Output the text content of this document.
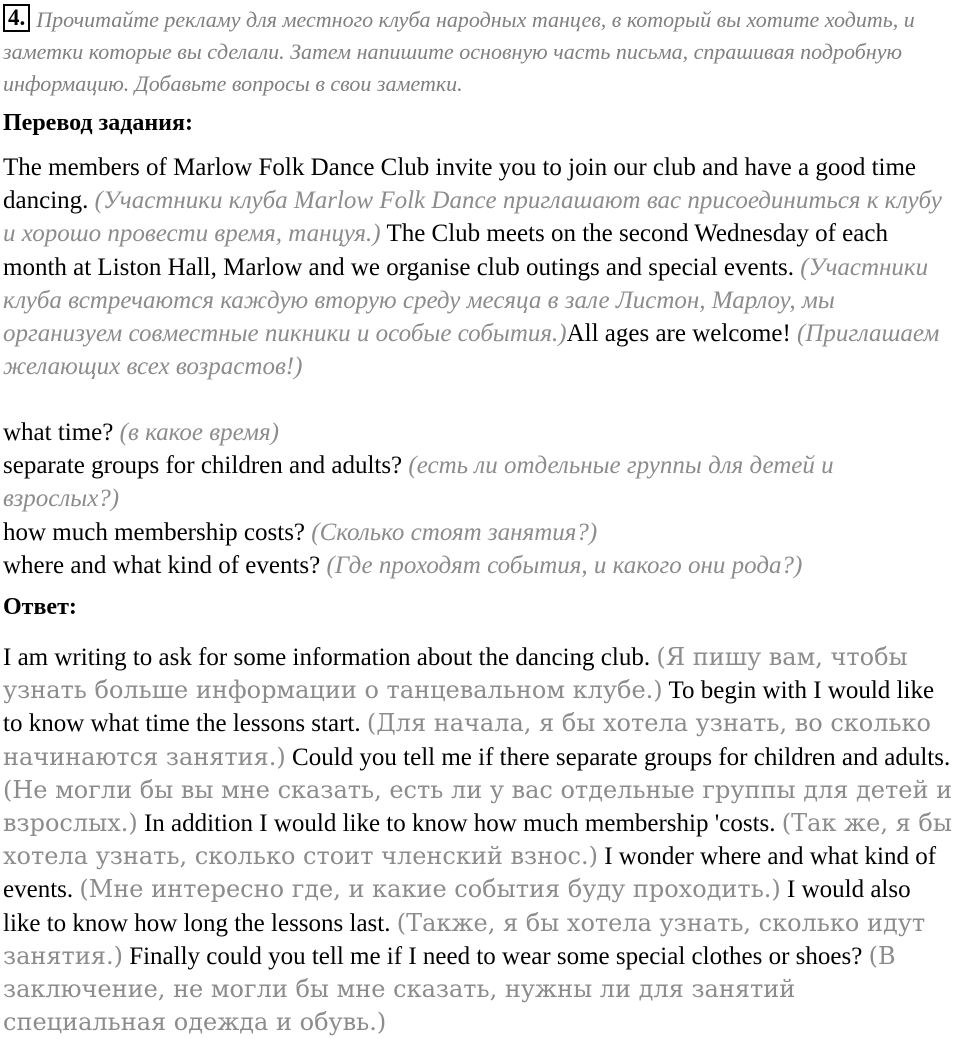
4. Прочитайте рекламу для местного клуба народных танцев, в который вы хотите ходить, и заметки которые вы сделали. Затем напишите основную часть письма, спрашивая подробную информацию. Добавьте вопросы в свои заметки.

Перевод задания:

The members of Marlow Folk Dance Club invite you to join our club and have a good time dancing. (Участники клуба Marlow Folk Dance приглашают вас присоединиться к клубу и хорошо провести время, танцуя.) The Club meets on the second Wednesday of each month at Liston Hall, Marlow and we organise club outings and special events. (Участники клуба встречаются каждую вторую среду месяца в зале Листон, Марлоу, мы организуем совместные пикники и особые события.)All ages are welcome! (Приглашаем желающих всех возрастов!)

what time? (в какое время)
separate groups for children and adults? (есть ли отдельные группы для детей и взрослых?)
how much membership costs? (Сколько стоят занятия?)
where and what kind of events? (Где проходят события, и какого они рода?)

Ответ:

I am writing to ask for some information about the dancing club. (Я пишу вам, чтобы узнать больше информации о танцевальном клубе.) To begin with I would like to know what time the lessons start. (Для начала, я бы хотела узнать, во сколько начинаются занятия.) Could you tell me if there separate groups for children and adults. (Не могли бы вы мне сказать, есть ли у вас отдельные группы для детей и взрослых.) In addition I would like to know how much membership 'costs. (Так же, я бы хотела узнать, сколько стоит членский взнос.) I wonder where and what kind of events. (Мне интересно где, и какие события буду проходить.) I would also like to know how long the lessons last. (Также, я бы хотела узнать, сколько идут занятия.) Finally could you tell me if I need to wear some special clothes or shoes? (В заключение, не могли бы мне сказать, нужны ли для занятий специальная одежда и обувь.)
